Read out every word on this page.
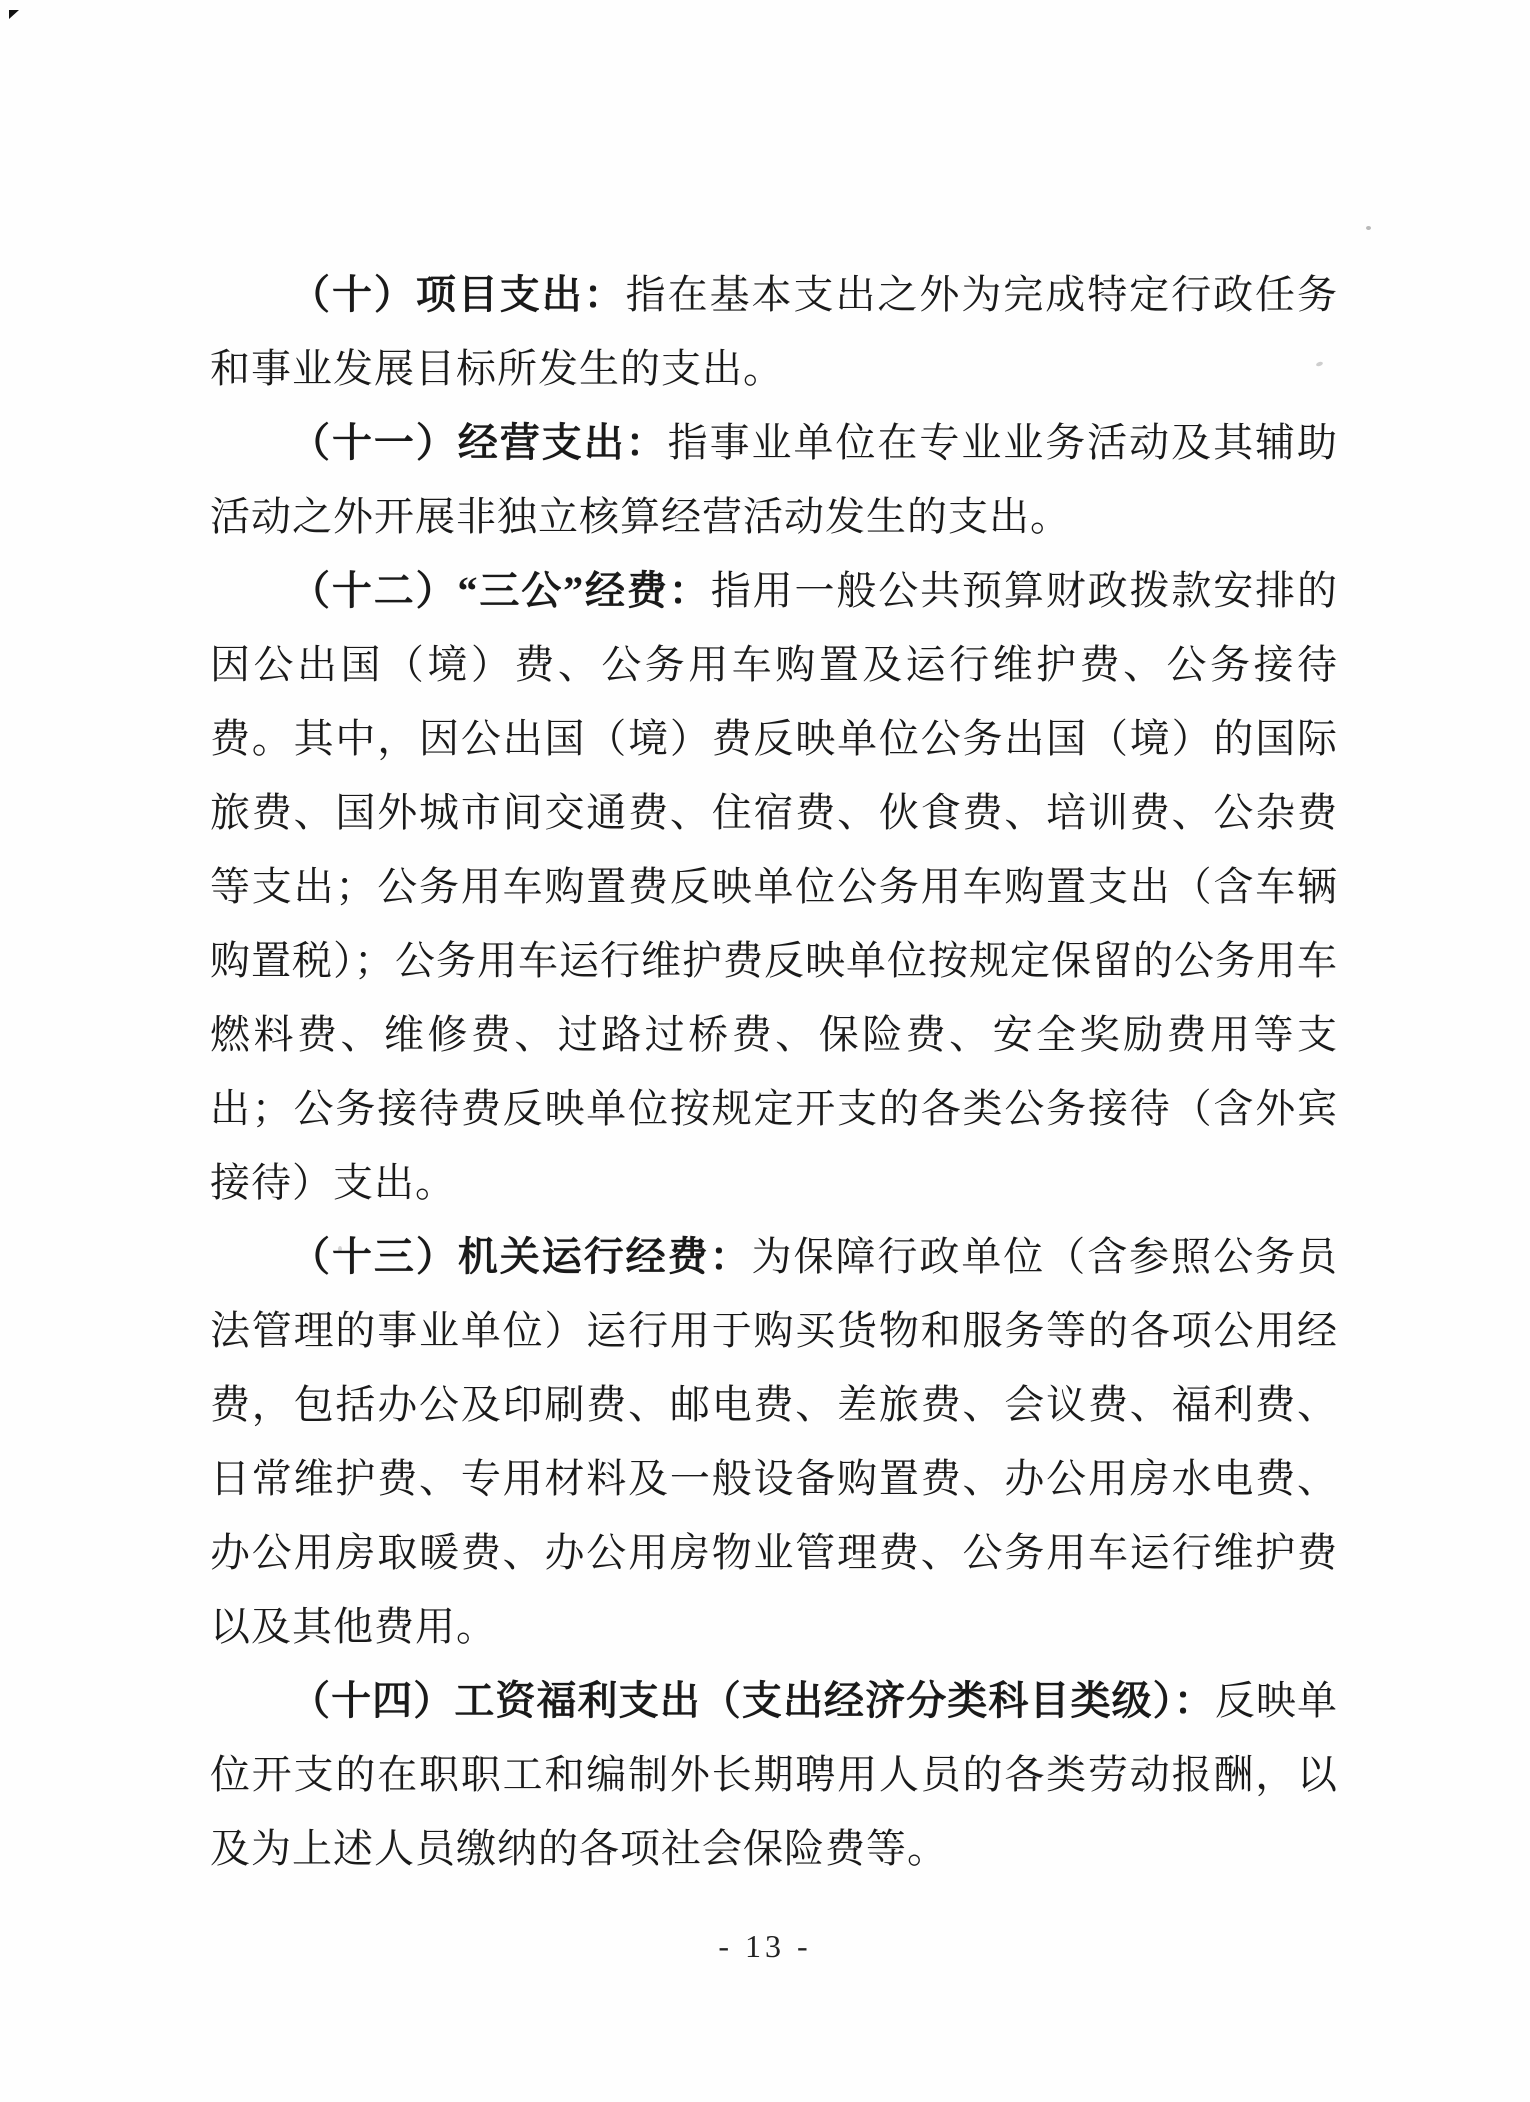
（十）项目支出：指在基本支出之外为完成特定行政任务和事业发展目标所发生的支出。

（十一）经营支出：指事业单位在专业业务活动及其辅助活动之外开展非独立核算经营活动发生的支出。

（十二）“三公”经费：指用一般公共预算财政拨款安排的因公出国（境）费、公务用车购置及运行维护费、公务接待费。其中，因公出国（境）费反映单位公务出国（境）的国际旅费、国外城市间交通费、住宿费、伙食费、培训费、公杂费等支出；公务用车购置费反映单位公务用车购置支出（含车辆购置税）；公务用车运行维护费反映单位按规定保留的公务用车燃料费、维修费、过路过桥费、保险费、安全奖励费用等支出；公务接待费反映单位按规定开支的各类公务接待（含外宾接待）支出。

（十三）机关运行经费：为保障行政单位（含参照公务员法管理的事业单位）运行用于购买货物和服务等的各项公用经费，包括办公及印刷费、邮电费、差旅费、会议费、福利费、日常维护费、专用材料及一般设备购置费、办公用房水电费、办公用房取暖费、办公用房物业管理费、公务用车运行维护费以及其他费用。

（十四）工资福利支出（支出经济分类科目类级）：反映单位开支的在职职工和编制外长期聘用人员的各类劳动报酬，以及为上述人员缴纳的各项社会保险费等。

- 13 -
